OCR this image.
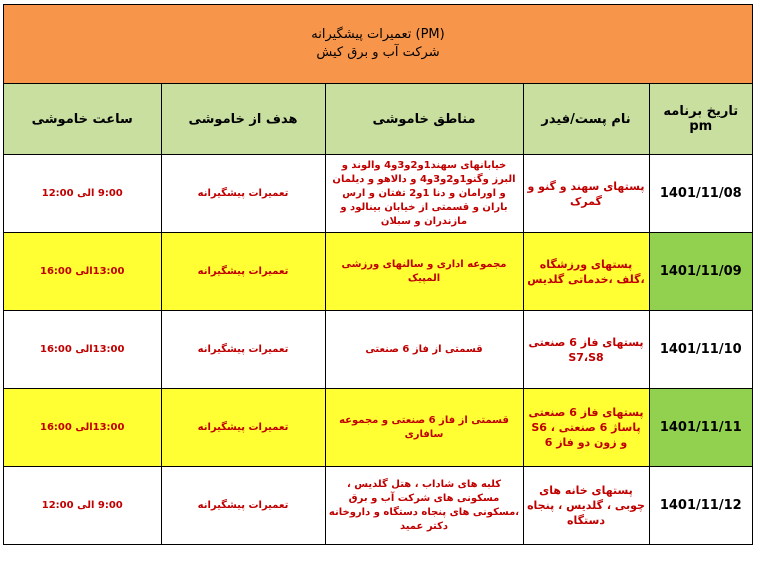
تعمیرات پیشگیرانه (PM)
شرکت آب و برق کیش
تاریخ برنامه pm	نام پست/فیدر	مناطق خاموشی	هدف از خاموشی	ساعت خاموشی
1401/11/08	پستهای سهند و گنو و گمرک	خیابانهای سهند1و2و3و4 والوند و البرز وگنو1و2و3و4 و دالاهو و دیلمان و اورامان و دنا 1و2 تفتان و ارس باران و قسمتی از خیابان بینالود و مازندران و سبلان	تعمیرات پیشگیرانه	9:00 الی 12:00
1401/11/09	پستهای ورزشگاه ،گلف ،خدماتی گلدیس	مجموعه اداری و سالنهای ورزشی المپیک	تعمیرات پیشگیرانه	13:00الی 16:00
1401/11/10	پستهای فاز 6 صنعتی S7،S8	قسمتی از فاز 6 صنعتی	تعمیرات پیشگیرانه	13:00الی 16:00
1401/11/11	پستهای فاز 6 صنعتی پاساژ 6 صنعتی ، S6 و زون دو فاز 6	قسمتی از فاز 6 صنعتی و مجموعه سافاری	تعمیرات پیشگیرانه	13:00الی 16:00
1401/11/12	پستهای خانه های چوبی ، گلدیس ، پنجاه دستگاه	کلبه های شاداب ، هتل گلدیس ، مسکونی های شرکت آب و برق ،مسکونی های پنجاه دستگاه و داروخانه دکتر عمید	تعمیرات پیشگیرانه	9:00 الی 12:00
